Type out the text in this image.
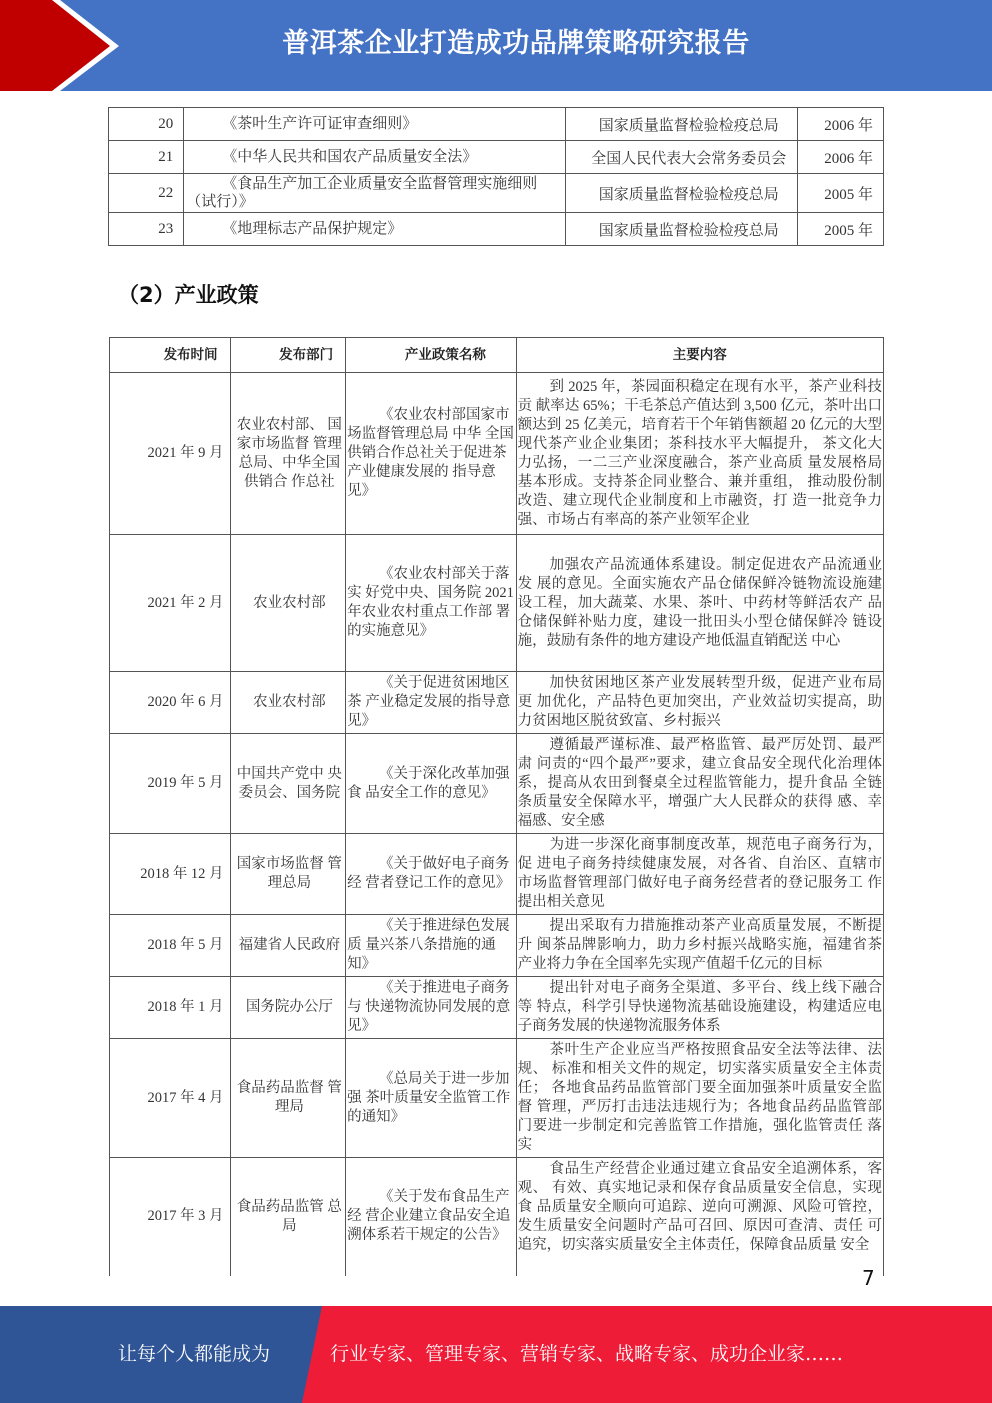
普洱茶企业打造成功品牌策略研究报告
20	《茶叶生产许可证审查细则》	国家质量监督检验检疫总局	2006 年
21	《中华人民共和国农产品质量安全法》	全国人民代表大会常务委员会	2006 年
22	《食品生产加工企业质量安全监督管理实施细则（试行）》	国家质量监督检验检疫总局	2005 年
23	《地理标志产品保护规定》	国家质量监督检验检疫总局	2005 年
（2）产业政策
发布时间	发布部门	产业政策名称	主要内容
2021 年 9 月	农业农村部、 国家市场监督 管理总局、中华全国供销合 作总社	《农业农村部国家市场监督管理总局 中华 全国供销合作总社关于促进茶产业健康发展的 指导意见》	到 2025 年，茶园面积稳定在现有水平，茶产业科技贡 献率达 65%；干毛茶总产值达到 3,500 亿元，茶叶出口额达到 25 亿美元，培育若干个年销售额超 20 亿元的大型现代茶产业企业集团；茶科技水平大幅提升， 茶文化大力弘扬，一二三产业深度融合，茶产业高质 量发展格局基本形成。支持茶企同业整合、兼并重组， 推动股份制改造、建立现代企业制度和上市融资，打 造一批竞争力强、市场占有率高的茶产业领军企业
2021 年 2 月	农业农村部	《农业农村部关于落实 好党中央、国务院 2021 年农业农村重点工作部 署的实施意见》	加强农产品流通体系建设。制定促进农产品流通业发 展的意见。全面实施农产品仓储保鲜冷链物流设施建设工程，加大蔬菜、水果、茶叶、中药材等鲜活农产 品仓储保鲜补贴力度，建设一批田头小型仓储保鲜冷 链设施，鼓励有条件的地方建设产地低温直销配送 中心
2020 年 6 月	农业农村部	《关于促进贫困地区茶 产业稳定发展的指导意 见》	加快贫困地区茶产业发展转型升级，促进产业布局更 加优化，产品特色更加突出，产业效益切实提高，助力贫困地区脱贫致富、乡村振兴
2019 年 5 月	中国共产党中 央委员会、国务院	《关于深化改革加强食 品安全工作的意见》	遵循最严谨标准、最严格监管、最严厉处罚、最严肃 问责的“四个最严”要求，建立食品安全现代化治理体系，提高从农田到餐桌全过程监管能力，提升食品 全链条质量安全保障水平，增强广大人民群众的获得 感、幸福感、安全感
2018 年 12 月	国家市场监督 管理总局	《关于做好电子商务经 营者登记工作的意见》	为进一步深化商事制度改革，规范电子商务行为，促 进电子商务持续健康发展，对各省、自治区、直辖市市场监督管理部门做好电子商务经营者的登记服务工 作提出相关意见
2018 年 5 月	福建省人民政府	《关于推进绿色发展质 量兴茶八条措施的通知》	提出采取有力措施推动茶产业高质量发展，不断提升 闽茶品牌影响力，助力乡村振兴战略实施，福建省茶产业将力争在全国率先实现产值超千亿元的目标
2018 年 1 月	国务院办公厅	《关于推进电子商务与 快递物流协同发展的意 见》	提出针对电子商务全渠道、多平台、线上线下融合等 特点，科学引导快递物流基础设施建设，构建适应电子商务发展的快递物流服务体系
2017 年 4 月	食品药品监督 管理局	《总局关于进一步加强 茶叶质量安全监管工作 的通知》	茶叶生产企业应当严格按照食品安全法等法律、法规、 标准和相关文件的规定，切实落实质量安全主体责任； 各地食品药品监管部门要全面加强茶叶质量安全监督 管理，严厉打击违法违规行为；各地食品药品监管部门要进一步制定和完善监管工作措施，强化监管责任 落实
2017 年 3 月	食品药品监管 总局	《关于发布食品生产经 营企业建立食品安全追 溯体系若干规定的公告》	食品生产经营企业通过建立食品安全追溯体系，客观、 有效、真实地记录和保存食品质量安全信息，实现食 品质量安全顺向可追踪、逆向可溯源、风险可管控，发生质量安全问题时产品可召回、原因可查清、责任 可追究，切实落实质量安全主体责任，保障食品质量 安全
7
让每个人都能成为	行业专家、管理专家、营销专家、战略专家、成功企业家……
